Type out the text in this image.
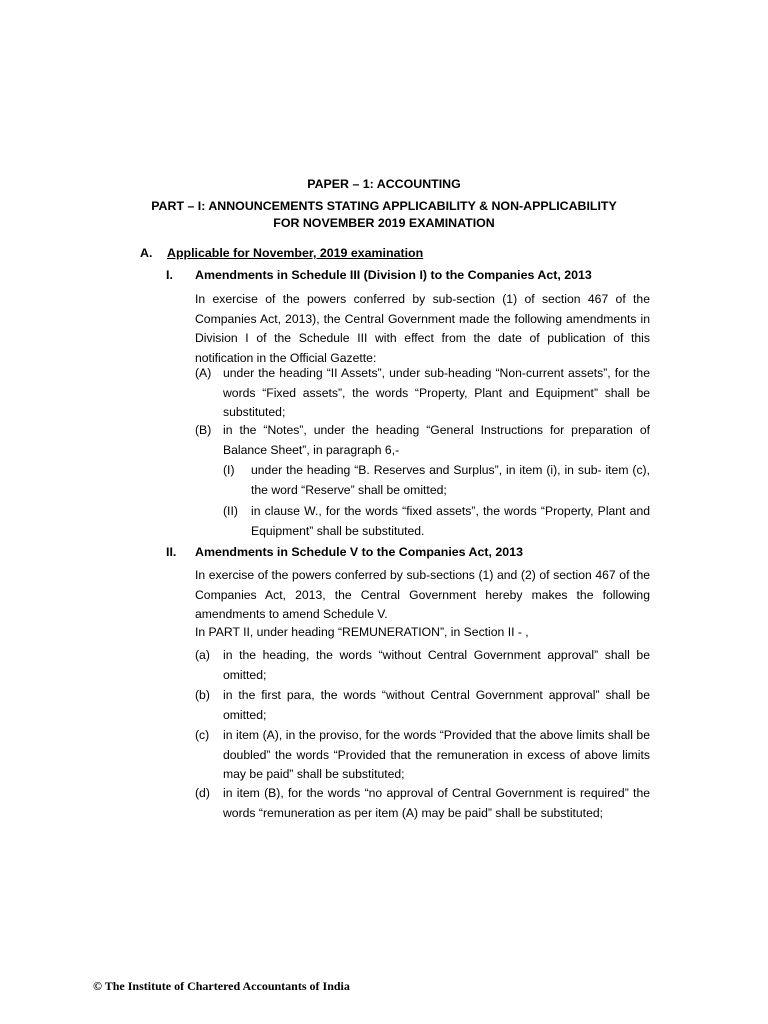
PAPER – 1: ACCOUNTING
PART – I: ANNOUNCEMENTS STATING APPLICABILITY & NON-APPLICABILITY
FOR NOVEMBER 2019 EXAMINATION
A.	Applicable for November, 2019 examination
I. Amendments in Schedule III (Division I) to the Companies Act, 2013
In exercise of the powers conferred by sub-section (1) of section 467 of the Companies Act, 2013), the Central Government made the following amendments in Division I of the Schedule III with effect from the date of publication of this notification in the Official Gazette:
(A) under the heading “II Assets”, under sub-heading “Non-current assets”, for the words “Fixed assets”, the words “Property, Plant and Equipment” shall be substituted;
(B) in the “Notes”, under the heading “General Instructions for preparation of Balance Sheet”, in paragraph 6,-
(I)	under the heading “B. Reserves and Surplus”, in item (i), in sub- item (c), the word “Reserve” shall be omitted;
(II)	in clause W., for the words “fixed assets”, the words “Property, Plant and Equipment” shall be substituted.
II. Amendments in Schedule V to the Companies Act, 2013
In exercise of the powers conferred by sub-sections (1) and (2) of section 467 of the Companies Act, 2013, the Central Government hereby makes the following amendments to amend Schedule V.
In PART II, under heading “REMUNERATION”, in Section II - ,
(a)	in the heading, the words “without Central Government approval” shall be omitted;
(b)	in the first para, the words “without Central Government approval” shall be omitted;
(c)	in item (A), in the proviso, for the words “Provided that the above limits shall be doubled” the words “Provided that the remuneration in excess of above limits may be paid” shall be substituted;
(d)	in item (B), for the words “no approval of Central Government is required” the words “remuneration as per item (A) may be paid” shall be substituted;
© The Institute of Chartered Accountants of India
